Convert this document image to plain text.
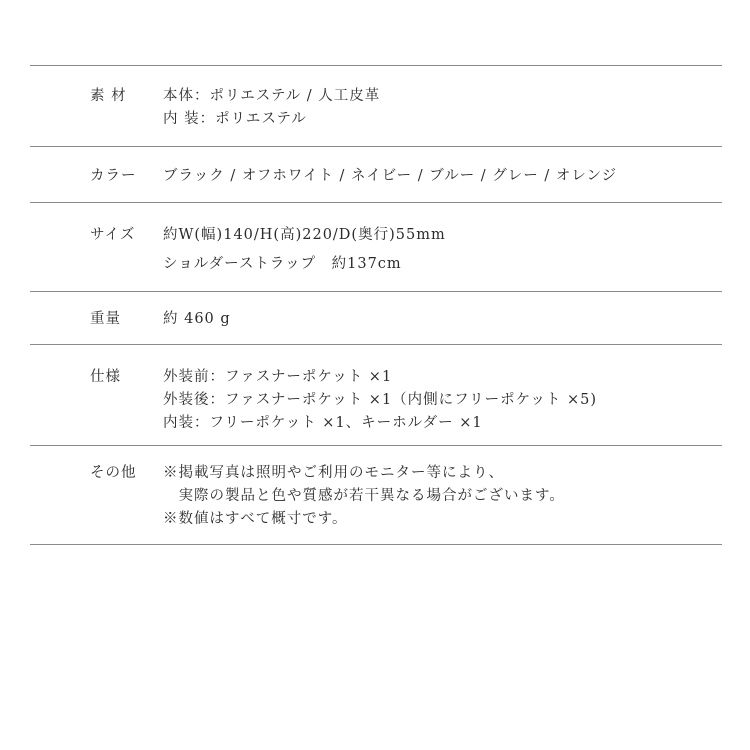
素 材	本体：ポリエステル / 人工皮革
内 装：ポリエステル
カラー ブラック / オフホワイト / ネイビー / ブルー / グレー / オレンジ
サイズ 約W(幅)140/H(高)220/D(奥行)55mm
ショルダーストラップ　約137cm
重量	約 460 g
仕様	外装前：ファスナーポケット ×1
外装後：ファスナーポケット ×1（内側にフリーポケット ×5)
内装：フリーポケット ×1、キーホルダー ×1
その他 ※掲載写真は照明やご利用のモニター等により、
　実際の製品と色や質感が若干異なる場合がございます。
※数値はすべて概寸です。
